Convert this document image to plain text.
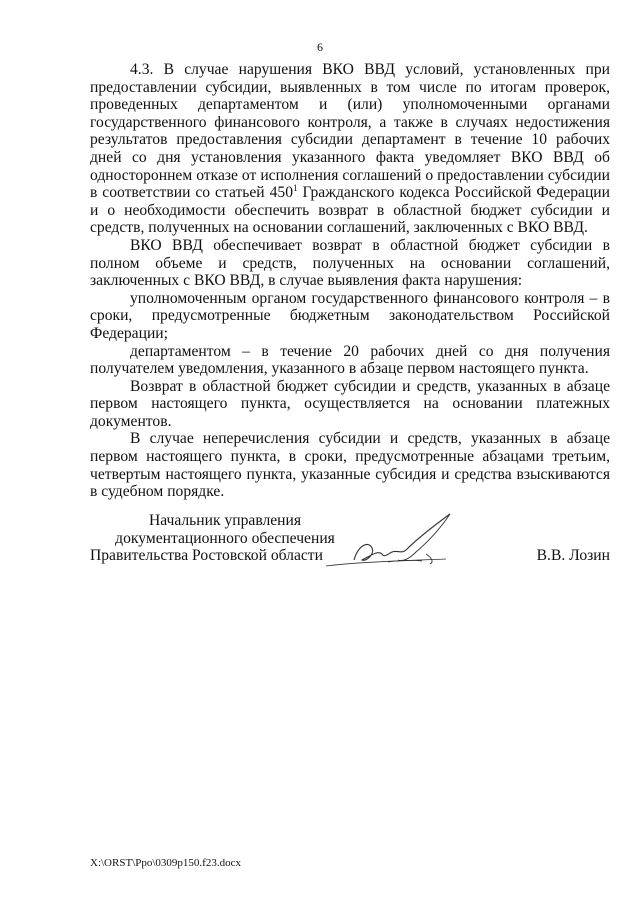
6

4.3. В случае нарушения ВКО ВВД условий, установленных при предоставлении субсидии, выявленных в том числе по итогам проверок, проведенных департаментом и (или) уполномоченными органами государственного финансового контроля, а также в случаях недостижения результатов предоставления субсидии департамент в течение 10 рабочих дней со дня установления указанного факта уведомляет ВКО ВВД об одностороннем отказе от исполнения соглашений о предоставлении субсидии в соответствии со статьей $450^1$ Гражданского кодекса Российской Федерации и о необходимости обеспечить возврат в областной бюджет субсидии и средств, полученных на основании соглашений, заключенных с ВКО ВВД.

ВКО ВВД обеспечивает возврат в областной бюджет субсидии в полном объеме и средств, полученных на основании соглашений, заключенных с ВКО ВВД, в случае выявления факта нарушения:

уполномоченным органом государственного финансового контроля – в сроки, предусмотренные бюджетным законодательством Российской Федерации;

департаментом – в течение 20 рабочих дней со дня получения получателем уведомления, указанного в абзаце первом настоящего пункта.

Возврат в областной бюджет субсидии и средств, указанных в абзаце первом настоящего пункта, осуществляется на основании платежных документов.

В случае неперечисления субсидии и средств, указанных в абзаце первом настоящего пункта, в сроки, предусмотренные абзацами третьим, четвертым настоящего пункта, указанные субсидия и средства взыскиваются в судебном порядке.

Начальник управления
документационного обеспечения
Правительства Ростовской области	В.В. Лозин
X:\ORST\Ppo\0309p150.f23.docx
